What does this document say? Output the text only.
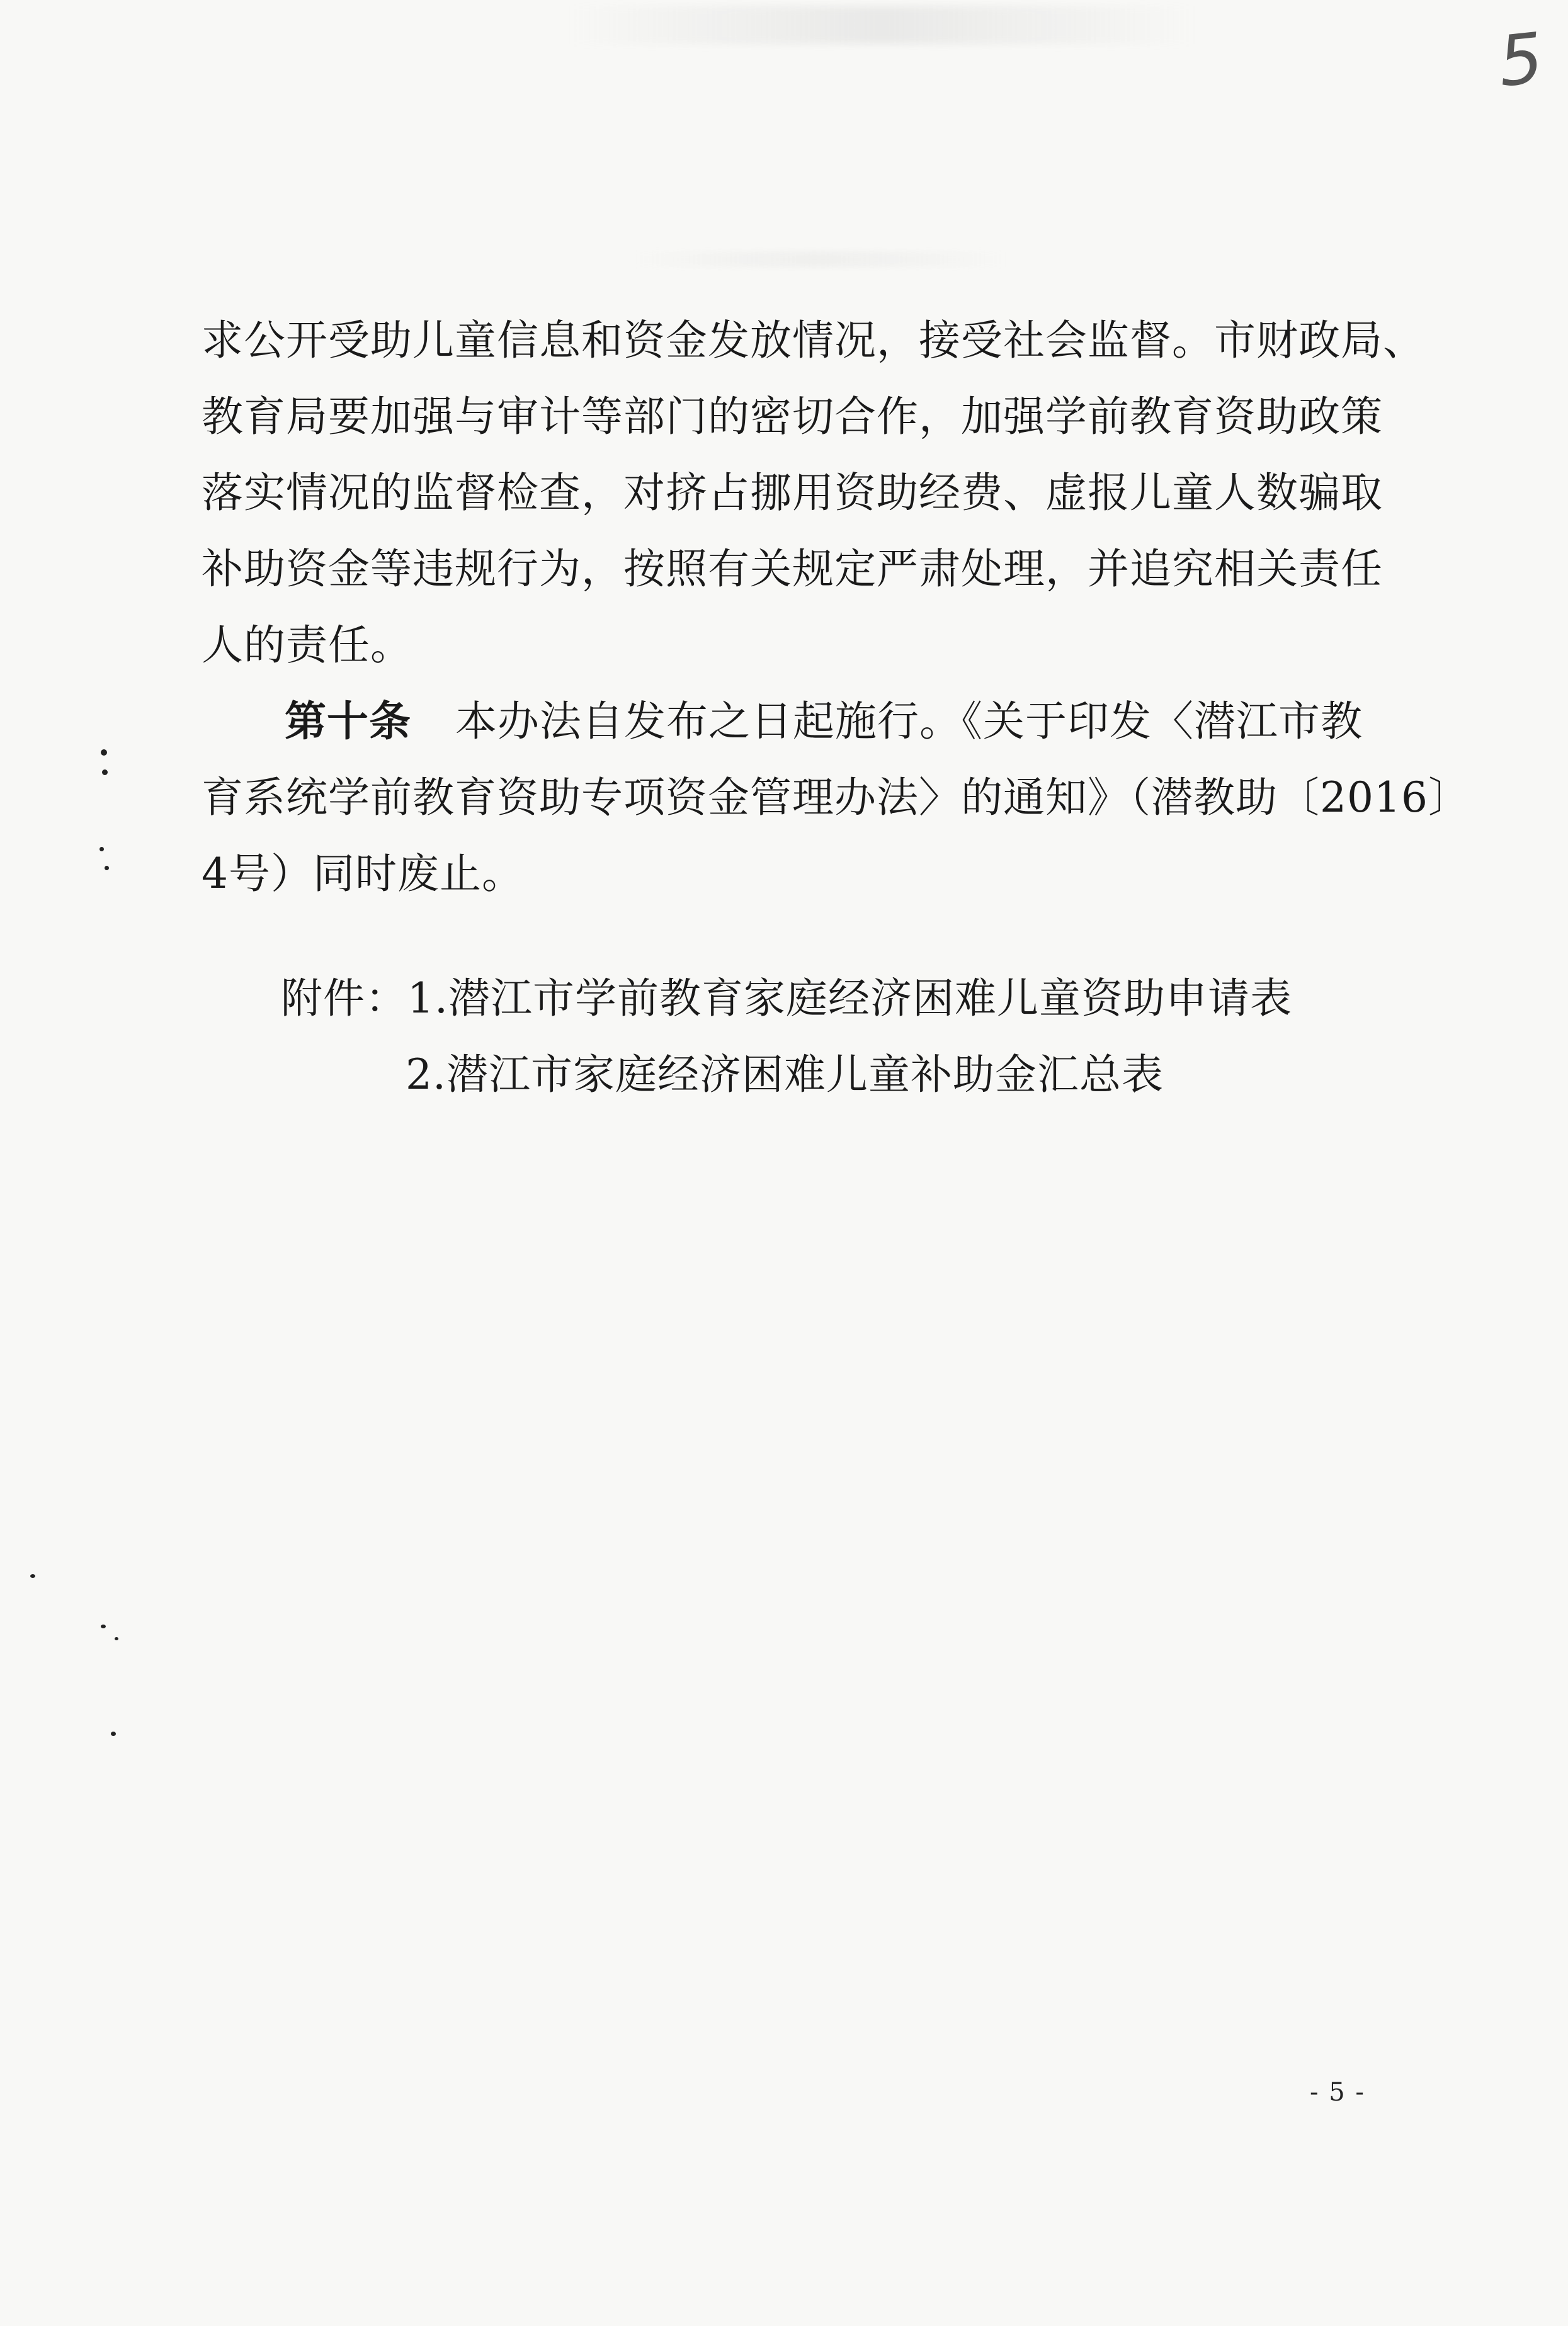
5
求公开受助儿童信息和资金发放情况，接受社会监督。市财政局、
教育局要加强与审计等部门的密切合作，加强学前教育资助政策
落实情况的监督检查，对挤占挪用资助经费、虚报儿童人数骗取
补助资金等违规行为，按照有关规定严肃处理，并追究相关责任
人的责任。
第十条 本办法自发布之日起施行。《关于印发〈潜江市教
育系统学前教育资助专项资金管理办法〉的通知》（潜教助〔2016〕
4号）同时废止。
附件：1.潜江市学前教育家庭经济困难儿童资助申请表
2.潜江市家庭经济困难儿童补助金汇总表
- 5 -
